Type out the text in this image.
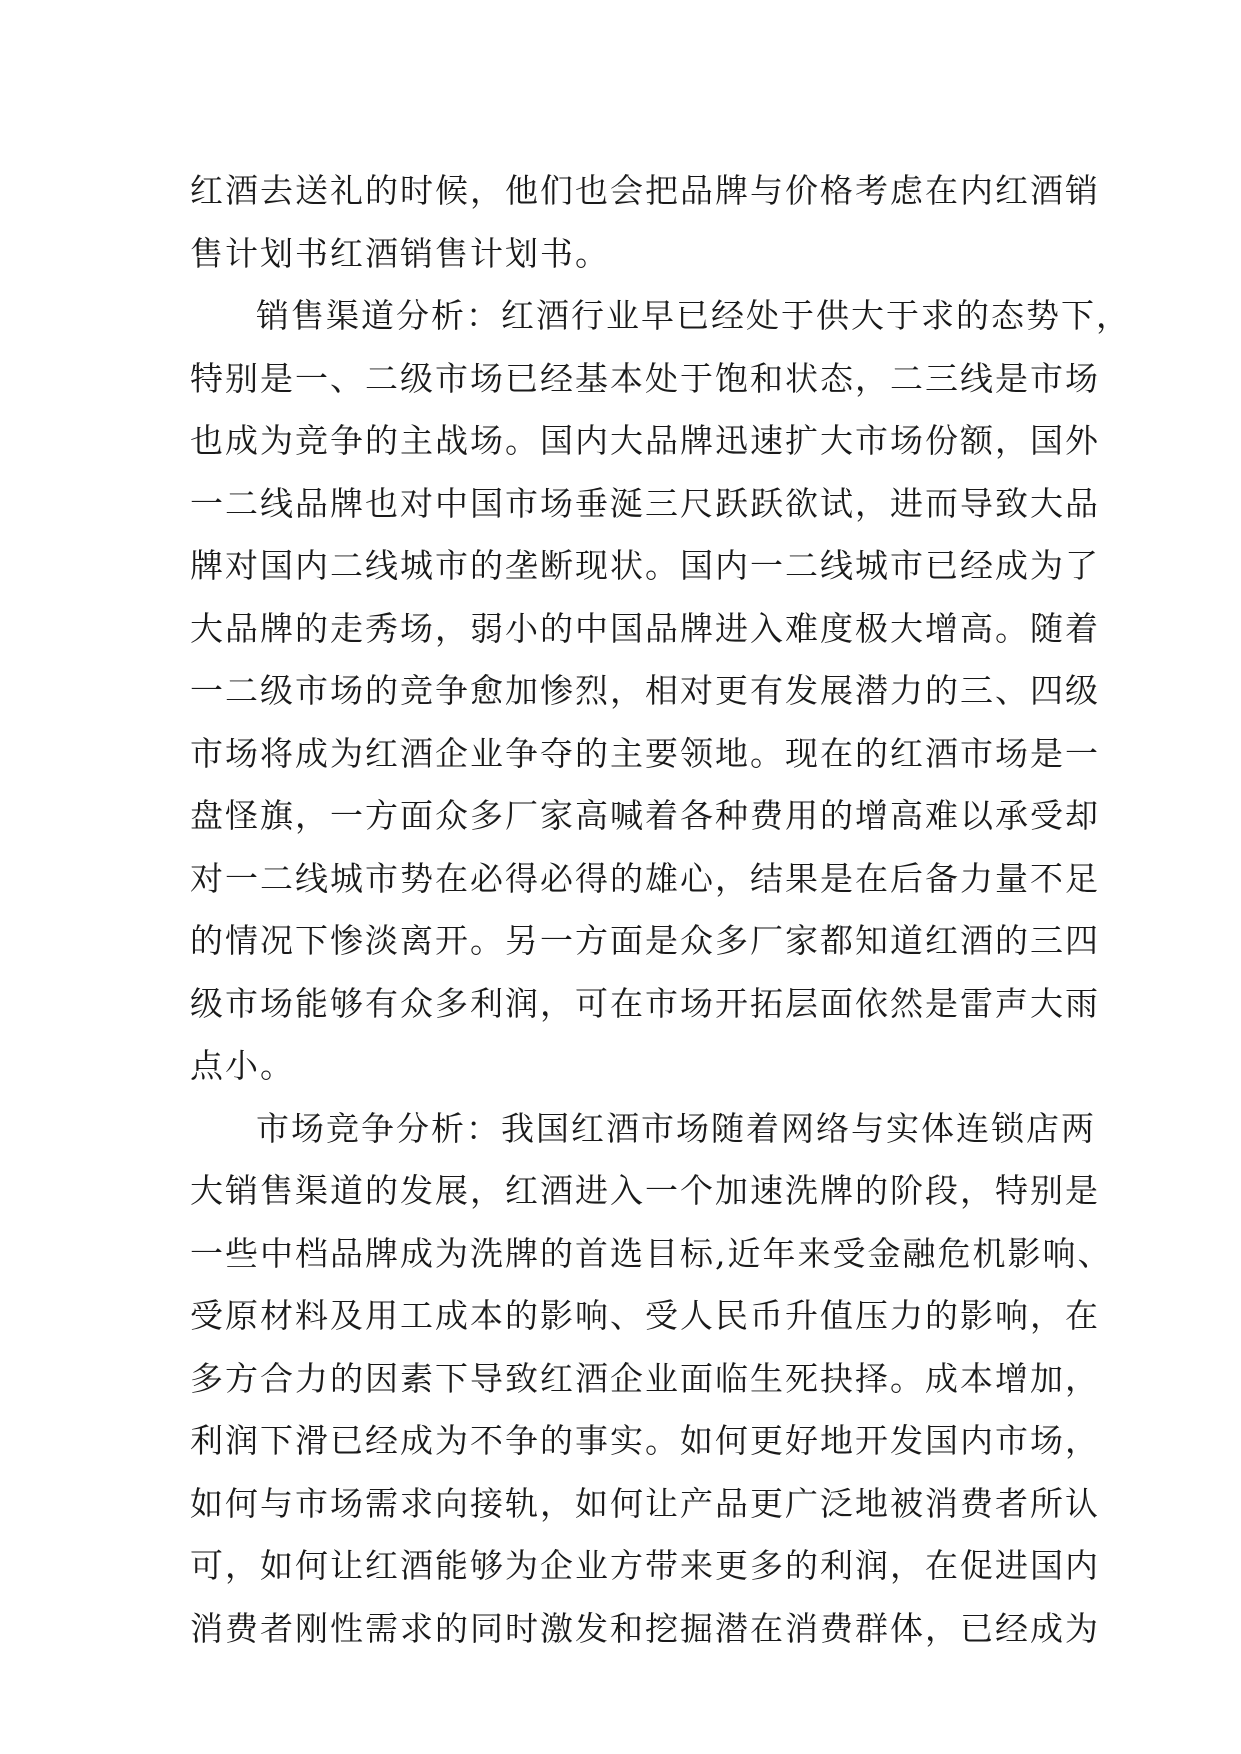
红酒去送礼的时候，他们也会把品牌与价格考虑在内红酒销
售计划书红酒销售计划书。
销售渠道分析：红酒行业早已经处于供大于求的态势下，
特别是一、二级市场已经基本处于饱和状态，二三线是市场
也成为竞争的主战场。国内大品牌迅速扩大市场份额，国外
一二线品牌也对中国市场垂涎三尺跃跃欲试，进而导致大品
牌对国内二线城市的垄断现状。国内一二线城市已经成为了
大品牌的走秀场，弱小的中国品牌进入难度极大增高。随着
一二级市场的竞争愈加惨烈，相对更有发展潜力的三、四级
市场将成为红酒企业争夺的主要领地。现在的红酒市场是一
盘怪旗，一方面众多厂家高喊着各种费用的增高难以承受却
对一二线城市势在必得必得的雄心，结果是在后备力量不足
的情况下惨淡离开。另一方面是众多厂家都知道红酒的三四
级市场能够有众多利润，可在市场开拓层面依然是雷声大雨
点小。
市场竞争分析：我国红酒市场随着网络与实体连锁店两
大销售渠道的发展，红酒进入一个加速洗牌的阶段，特别是
一些中档品牌成为洗牌的首选目标,近年来受金融危机影响、
受原材料及用工成本的影响、受人民币升值压力的影响，在
多方合力的因素下导致红酒企业面临生死抉择。成本增加，
利润下滑已经成为不争的事实。如何更好地开发国内市场，
如何与市场需求向接轨，如何让产品更广泛地被消费者所认
可，如何让红酒能够为企业方带来更多的利润，在促进国内
消费者刚性需求的同时激发和挖掘潜在消费群体，已经成为
